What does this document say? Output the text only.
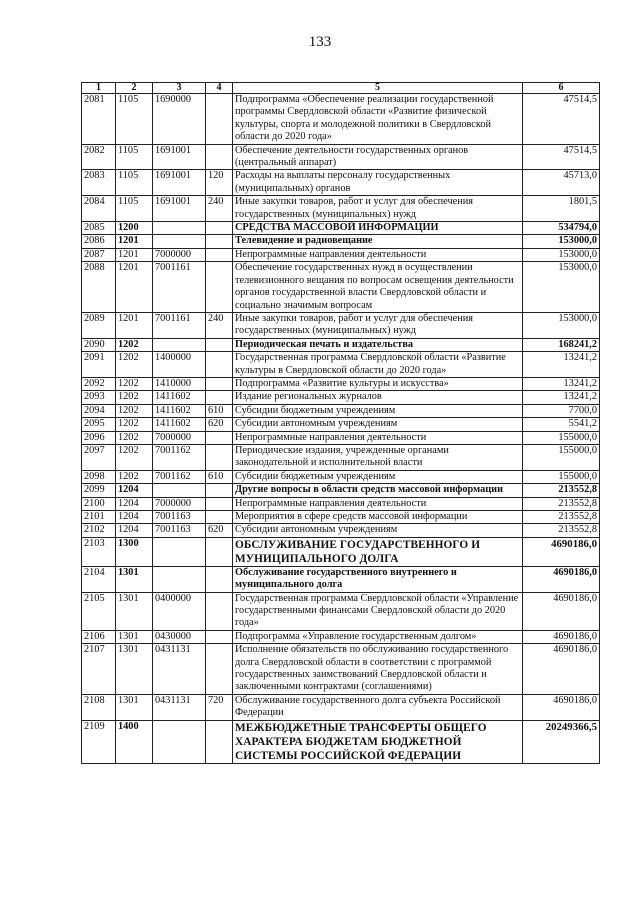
133
1	2	3	4	5	6
2081	1105	1690000		Подпрограмма «Обеспечение реализации государственной программы Свердловской области «Развитие физической культуры, спорта и молодежной политики в Свердловской области до 2020 года»	47514,5
2082	1105	1691001		Обеспечение деятельности государственных органов (центральный аппарат)	47514,5
2083	1105	1691001	120	Расходы на выплаты персоналу государственных (муниципальных) органов	45713,0
2084	1105	1691001	240	Иные закупки товаров, работ и услуг для обеспечения государственных (муниципальных) нужд	1801,5
2085	1200			СРЕДСТВА МАССОВОЙ ИНФОРМАЦИИ	534794,0
2086	1201			Телевидение и радиовещание	153000,0
2087	1201	7000000		Непрограммные направления деятельности	153000,0
2088	1201	7001161		Обеспечение государственных нужд в осуществлении телевизионного вещания по вопросам освещения деятельности органов государственной власти Свердловской области и социально значимым вопросам	153000,0
2089	1201	7001161	240	Иные закупки товаров, работ и услуг для обеспечения государственных (муниципальных) нужд	153000,0
2090	1202			Периодическая печать и издательства	168241,2
2091	1202	1400000		Государственная программа Свердловской области «Развитие культуры в Свердловской области до 2020 года»	13241,2
2092	1202	1410000		Подпрограмма «Развитие культуры и искусства»	13241,2
2093	1202	1411602		Издание региональных журналов	13241,2
2094	1202	1411602	610	Субсидии бюджетным учреждениям	7700,0
2095	1202	1411602	620	Субсидии автономным учреждениям	5541,2
2096	1202	7000000		Непрограммные направления деятельности	155000,0
2097	1202	7001162		Периодические издания, учрежденные органами законодательной и исполнительной власти	155000,0
2098	1202	7001162	610	Субсидии бюджетным учреждениям	155000,0
2099	1204			Другие вопросы в области средств массовой информации	213552,8
2100	1204	7000000		Непрограммные направления деятельности	213552,8
2101	1204	7001163		Мероприятия в сфере средств массовой информации	213552,8
2102	1204	7001163	620	Субсидии автономным учреждениям	213552,8
2103	1300			ОБСЛУЖИВАНИЕ ГОСУДАРСТВЕННОГО И МУНИЦИПАЛЬНОГО ДОЛГА	4690186,0
2104	1301			Обслуживание государственного внутреннего и муниципального долга	4690186,0
2105	1301	0400000		Государственная программа Свердловской области «Управление государственными финансами Свердловской области до 2020 года»	4690186,0
2106	1301	0430000		Подпрограмма «Управление государственным долгом»	4690186,0
2107	1301	0431131		Исполнение обязательств по обслуживанию государственного долга Свердловской области в соответствии с программой государственных заимствований Свердловской области и заключенными контрактами (соглашениями)	4690186,0
2108	1301	0431131	720	Обслуживание государственного долга субъекта Российской Федерации	4690186,0
2109	1400			МЕЖБЮДЖЕТНЫЕ ТРАНСФЕРТЫ ОБЩЕГО ХАРАКТЕРА БЮДЖЕТАМ БЮДЖЕТНОЙ СИСТЕМЫ РОССИЙСКОЙ ФЕДЕРАЦИИ	20249366,5
